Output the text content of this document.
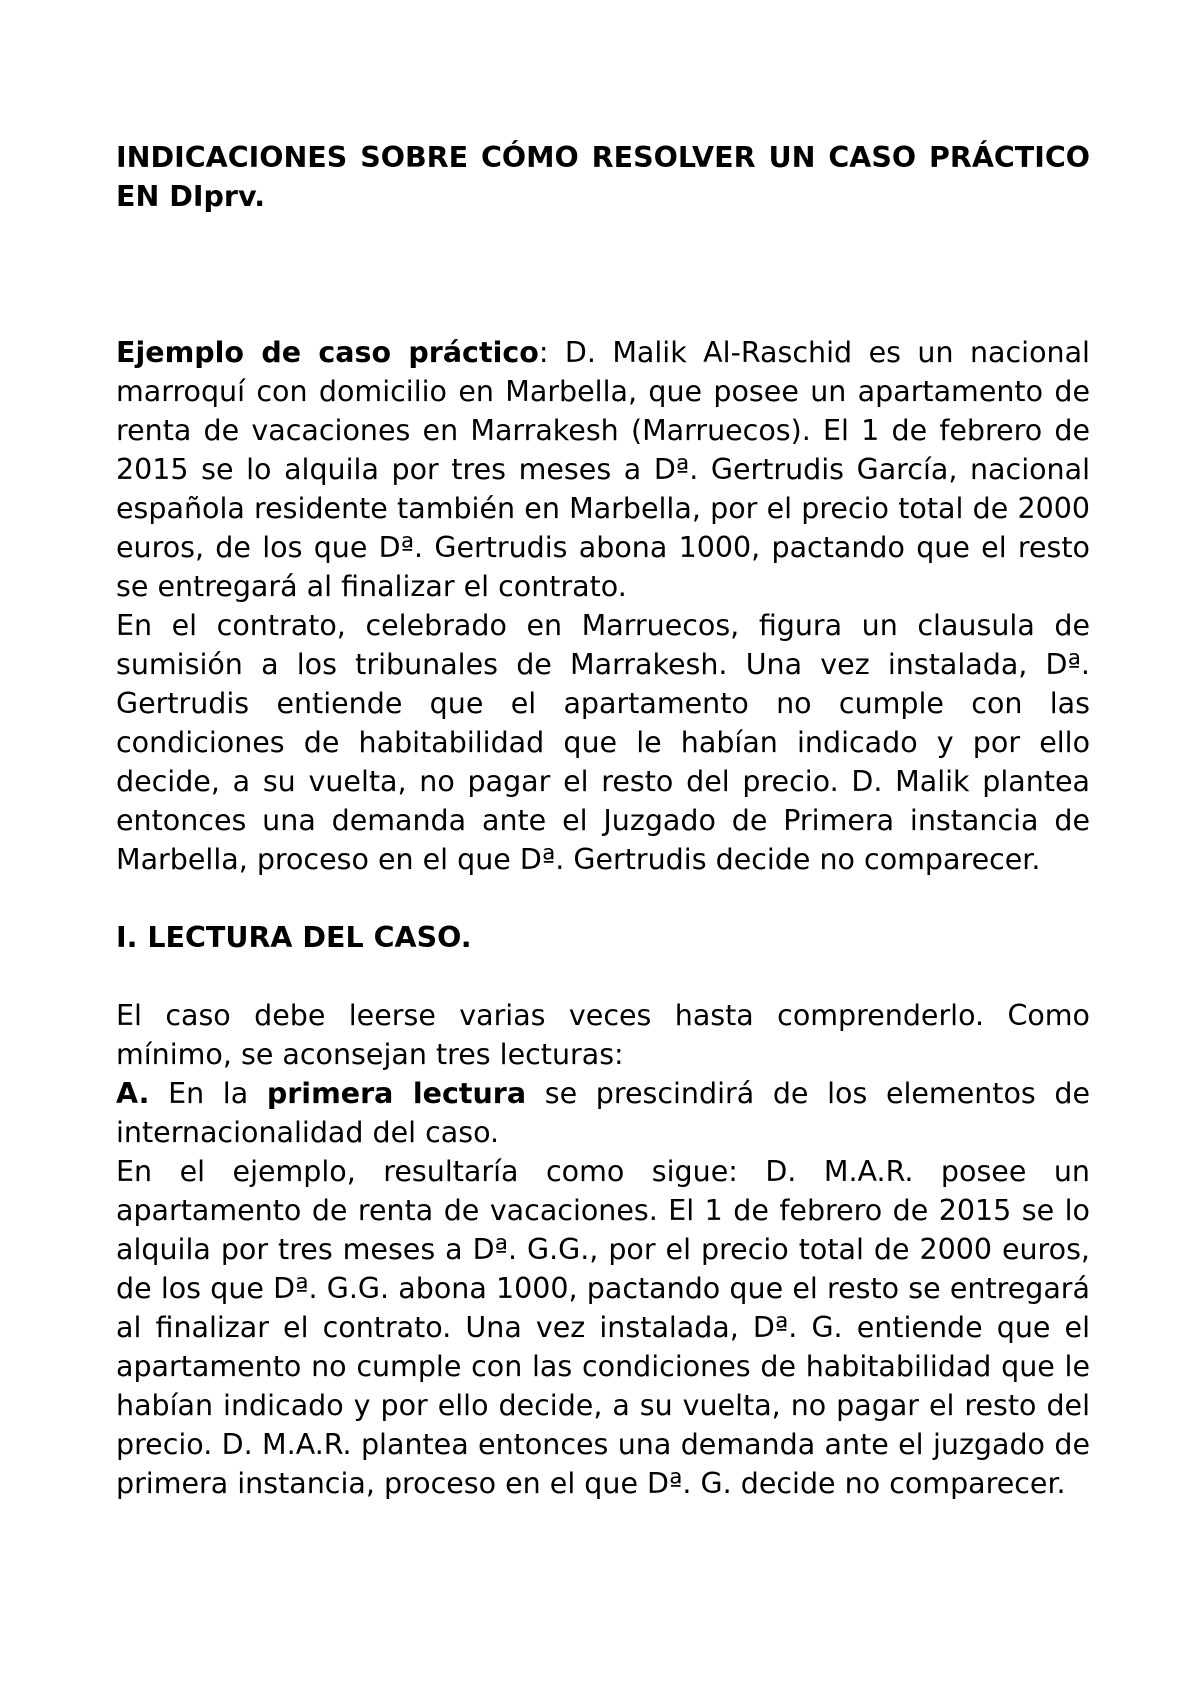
INDICACIONES SOBRE CÓMO RESOLVER UN CASO PRÁCTICO EN DIprv.

Ejemplo de caso práctico: D. Malik Al-Raschid es un nacional marroquí con domicilio en Marbella, que posee un apartamento de renta de vacaciones en Marrakesh (Marruecos). El 1 de febrero de 2015 se lo alquila por tres meses a Dª. Gertrudis García, nacional española residente también en Marbella, por el precio total de 2000 euros, de los que Dª. Gertrudis abona 1000, pactando que el resto se entregará al finalizar el contrato.

En el contrato, celebrado en Marruecos, figura un clausula de sumisión a los tribunales de Marrakesh. Una vez instalada, Dª. Gertrudis entiende que el apartamento no cumple con las condiciones de habitabilidad que le habían indicado y por ello decide, a su vuelta, no pagar el resto del precio. D. Malik plantea entonces una demanda ante el Juzgado de Primera instancia de Marbella, proceso en el que Dª. Gertrudis decide no comparecer.

I. LECTURA DEL CASO.

El caso debe leerse varias veces hasta comprenderlo. Como mínimo, se aconsejan tres lecturas:

A. En la primera lectura se prescindirá de los elementos de internacionalidad del caso.

En el ejemplo, resultaría como sigue: D. M.A.R. posee un apartamento de renta de vacaciones. El 1 de febrero de 2015 se lo alquila por tres meses a Dª. G.G., por el precio total de 2000 euros, de los que Dª. G.G. abona 1000, pactando que el resto se entregará al finalizar el contrato. Una vez instalada, Dª. G. entiende que el apartamento no cumple con las condiciones de habitabilidad que le habían indicado y por ello decide, a su vuelta, no pagar el resto del precio. D. M.A.R. plantea entonces una demanda ante el juzgado de primera instancia, proceso en el que Dª. G. decide no comparecer.
